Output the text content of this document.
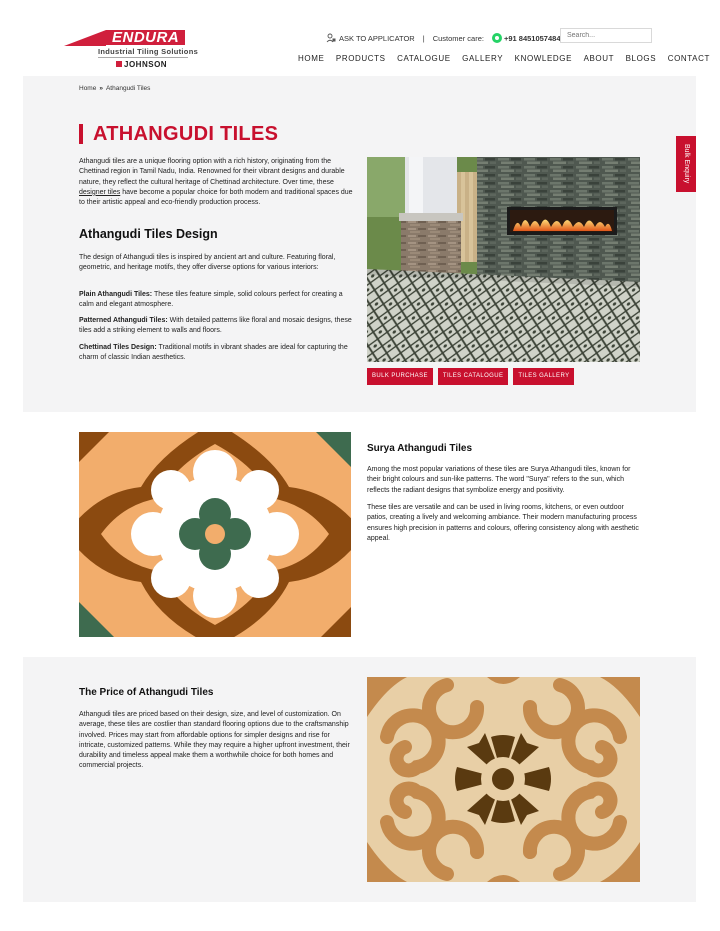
ENDURA
Industrial Tiling Solutions
JOHNSON
ASK TO APPLICATOR | Customer care:	+91 8451057484
Search...
HOME PRODUCTS CATALOGUE GALLERY KNOWLEDGE ABOUT BLOGS CONTACT
Home » Athangudi Tiles
ATHANGUDI TILES

Athangudi tiles are a unique flooring option with a rich history, originating from the Chettinad region in Tamil Nadu, India. Renowned for their vibrant designs and durable nature, they reflect the cultural heritage of Chettinad architecture. Over time, these designer tiles have become a popular choice for both modern and traditional spaces due to their artistic appeal and eco-friendly production process.

Athangudi Tiles Design

The design of Athangudi tiles is inspired by ancient art and culture. Featuring floral, geometric, and heritage motifs, they offer diverse options for various interiors:

Plain Athangudi Tiles: These tiles feature simple, solid colours perfect for creating a calm and elegant atmosphere.

Patterned Athangudi Tiles: With detailed patterns like floral and mosaic designs, these tiles add a striking element to walls and floors.

Chettinad Tiles Design: Traditional motifs in vibrant shades are ideal for capturing the charm of classic Indian aesthetics.

BULK PURCHASE	TILES CATALOGUE	TILES GALLERY
Bulk Enquiry
Surya Athangudi Tiles

Among the most popular variations of these tiles are Surya Athangudi tiles, known for their bright colours and sun-like patterns. The word "Surya" refers to the sun, which reflects the radiant designs that symbolize energy and positivity.

These tiles are versatile and can be used in living rooms, kitchens, or even outdoor patios, creating a lively and welcoming ambiance. Their modern manufacturing process ensures high precision in patterns and colours, offering consistency along with aesthetic appeal.

The Price of Athangudi Tiles

Athangudi tiles are priced based on their design, size, and level of customization. On average, these tiles are costlier than standard flooring options due to the craftsmanship involved. Prices may start from affordable options for simpler designs and rise for intricate, customized patterns. While they may require a higher upfront investment, their durability and timeless appeal make them a worthwhile choice for both homes and commercial projects.
